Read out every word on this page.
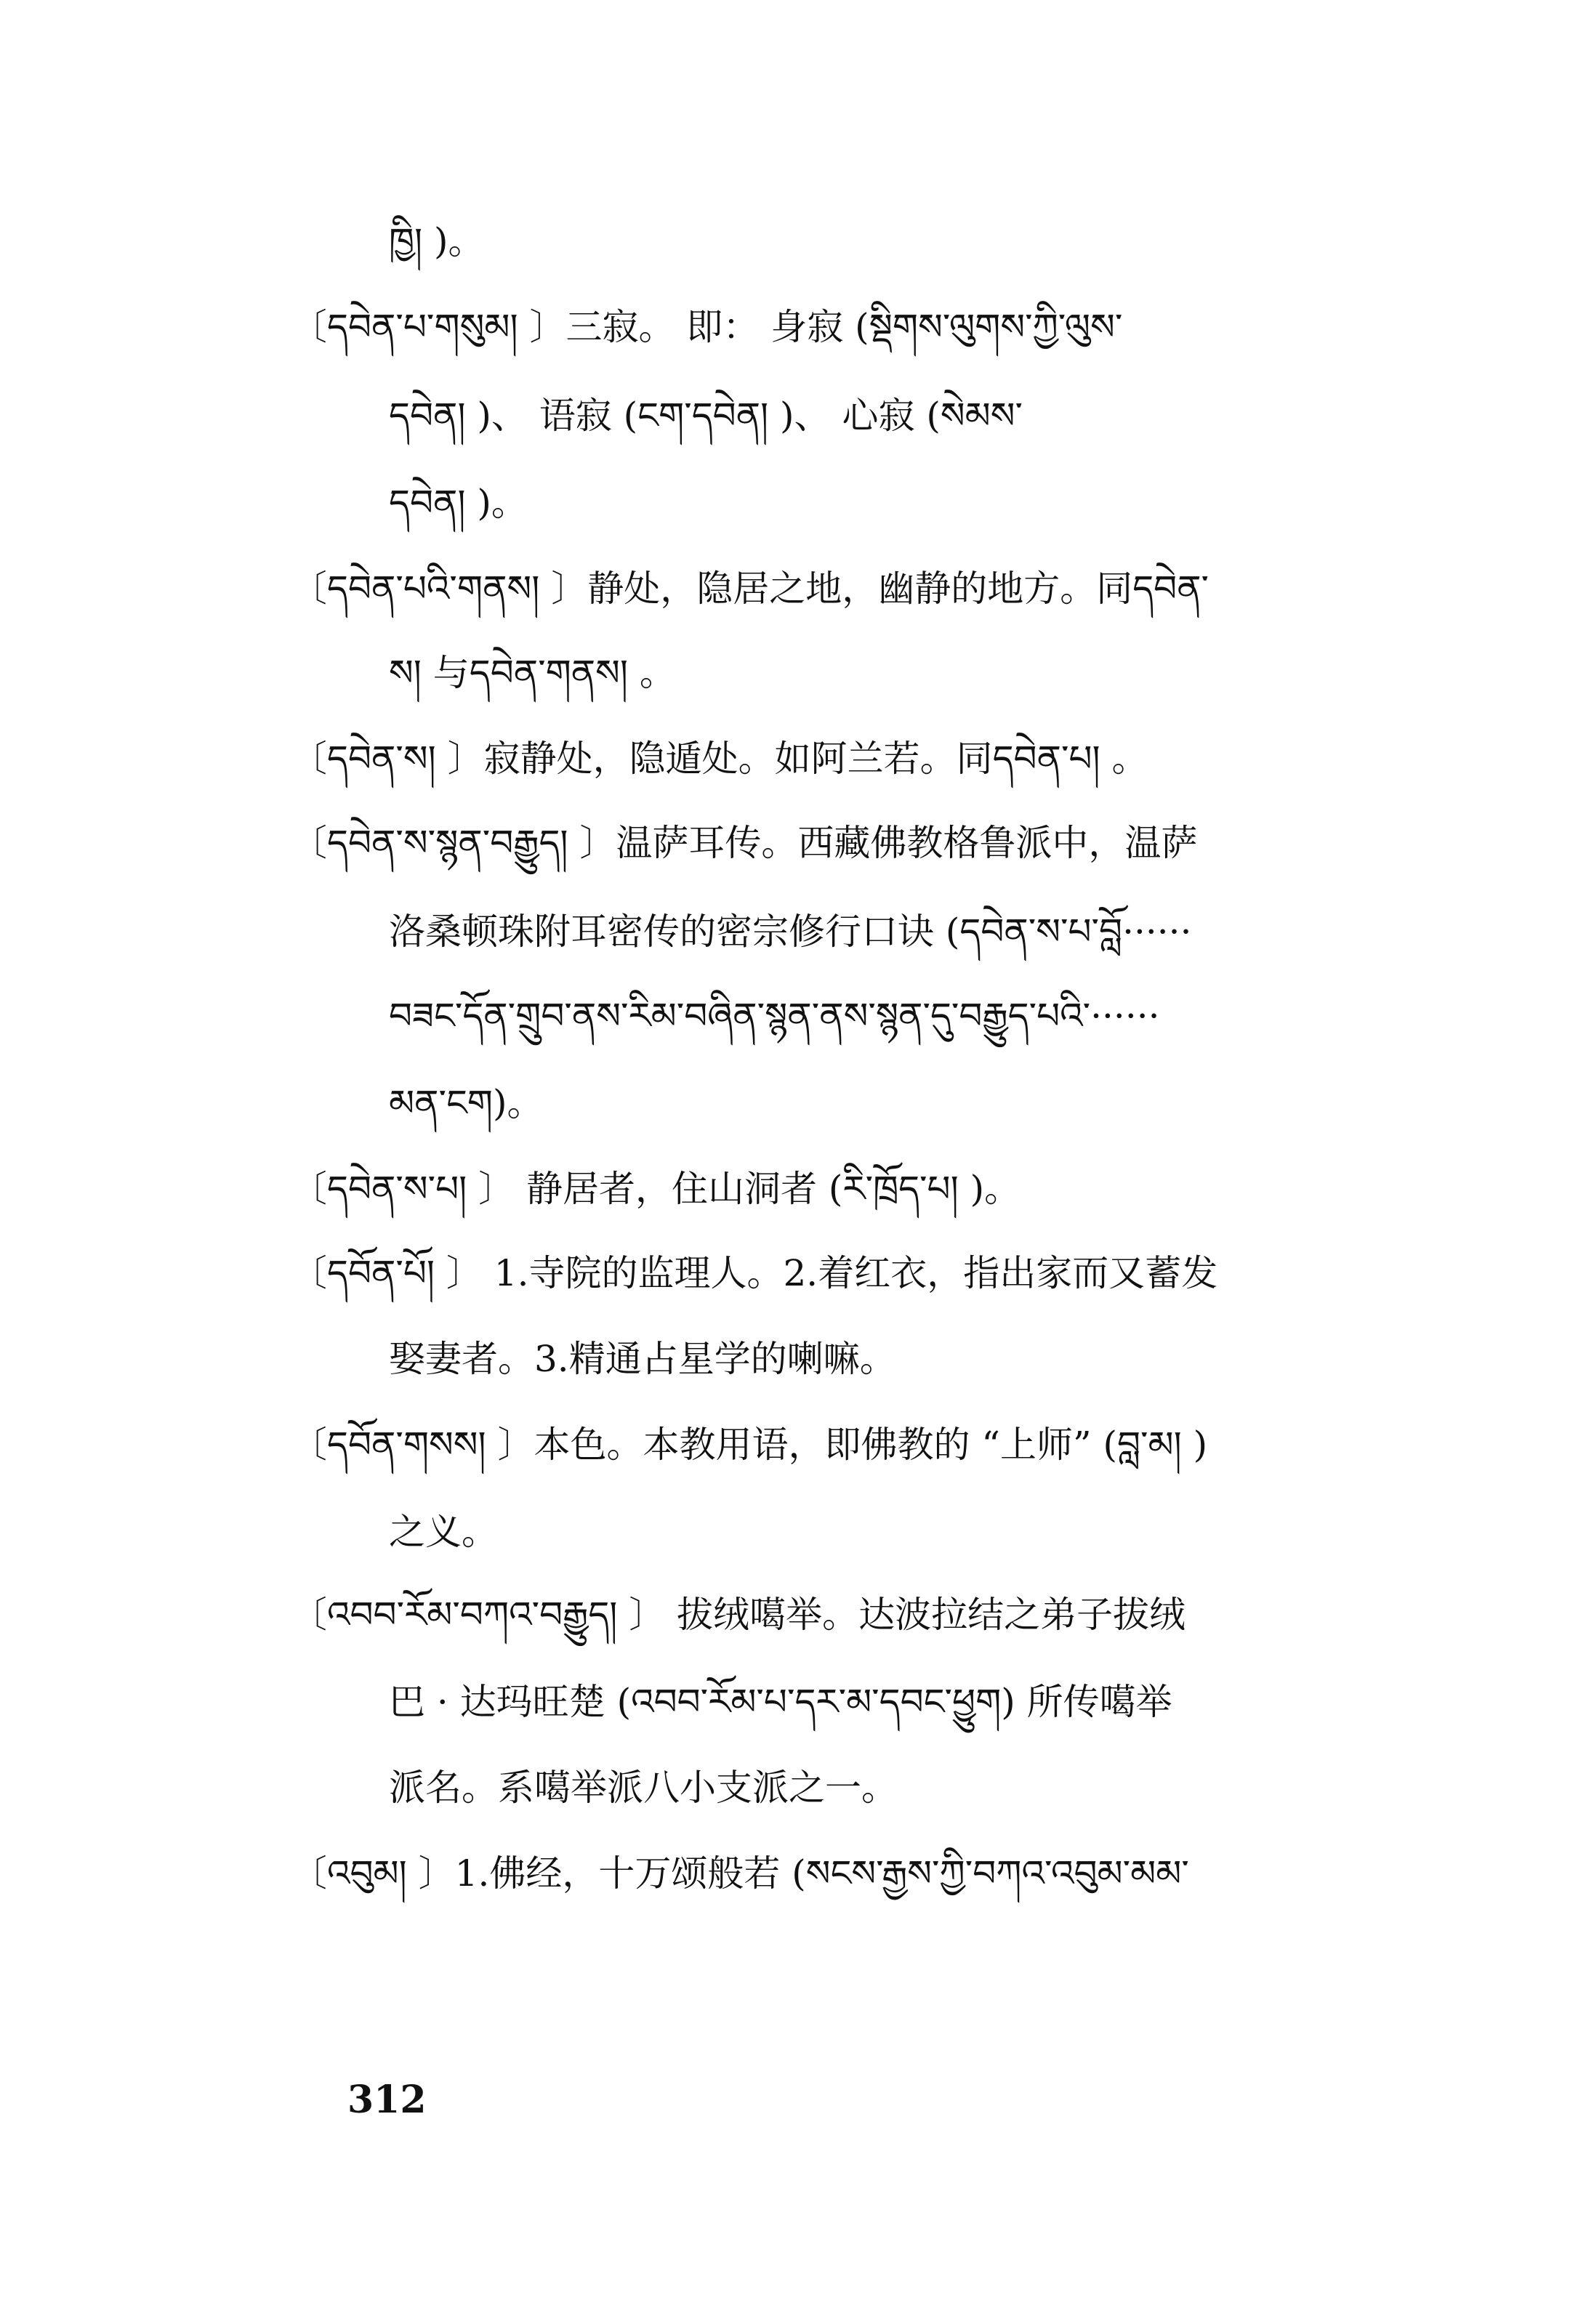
ཁྱི། )。
〔དབེན་པ་གསུམ། 〕三寂。 即： 身寂 (སྡིགས་ལུགས་ཀྱི་ལུས་
དབེན། )、 语寂 (ངག་དབེན། )、 心寂 (སེམས་
དབེན། )。
〔དབེན་པའི་གནས། 〕静处，隐居之地，幽静的地方。同དབེན་
ས། 与དབེན་གནས། 。
〔དབེན་ས། 〕寂静处，隐遁处。如阿兰若。同དབེན་པ། 。
〔དབེན་ས་སྙན་བརྒྱུད། 〕温萨耳传。西藏佛教格鲁派中，温萨
洛桑顿珠附耳密传的密宗修行口诀 (དབེན་ས་པ་བློ······
བཟང་དོན་གྲུབ་ནས་རིམ་བཞིན་སྙན་ནས་སྙན་དུ་བརྒྱུད་པའི་······
མན་ངག)。
〔དབེན་ས་པ། 〕 静居者，住山洞者 (རི་ཁྲོད་པ། )。
〔དབོན་པོ། 〕 1.寺院的监理人。2.着红衣，指出家而又蓄发
娶妻者。3.精通占星学的喇嘛。
〔དབོན་གསས། 〕本色。本教用语，即佛教的 “上师” (བླ་མ། )
之义。
〔འབབ་རོམ་བཀའ་བརྒྱུད། 〕 拔绒噶举。达波拉结之弟子拔绒
巴 · 达玛旺楚 (འབབ་རོམ་པ་དར་མ་དབང་ཕྱུག) 所传噶举
派名。系噶举派八小支派之一。
〔འབུམ། 〕1.佛经，十万颂般若 (སངས་རྒྱས་ཀྱི་བཀའ་འབུམ་མམ་
312
